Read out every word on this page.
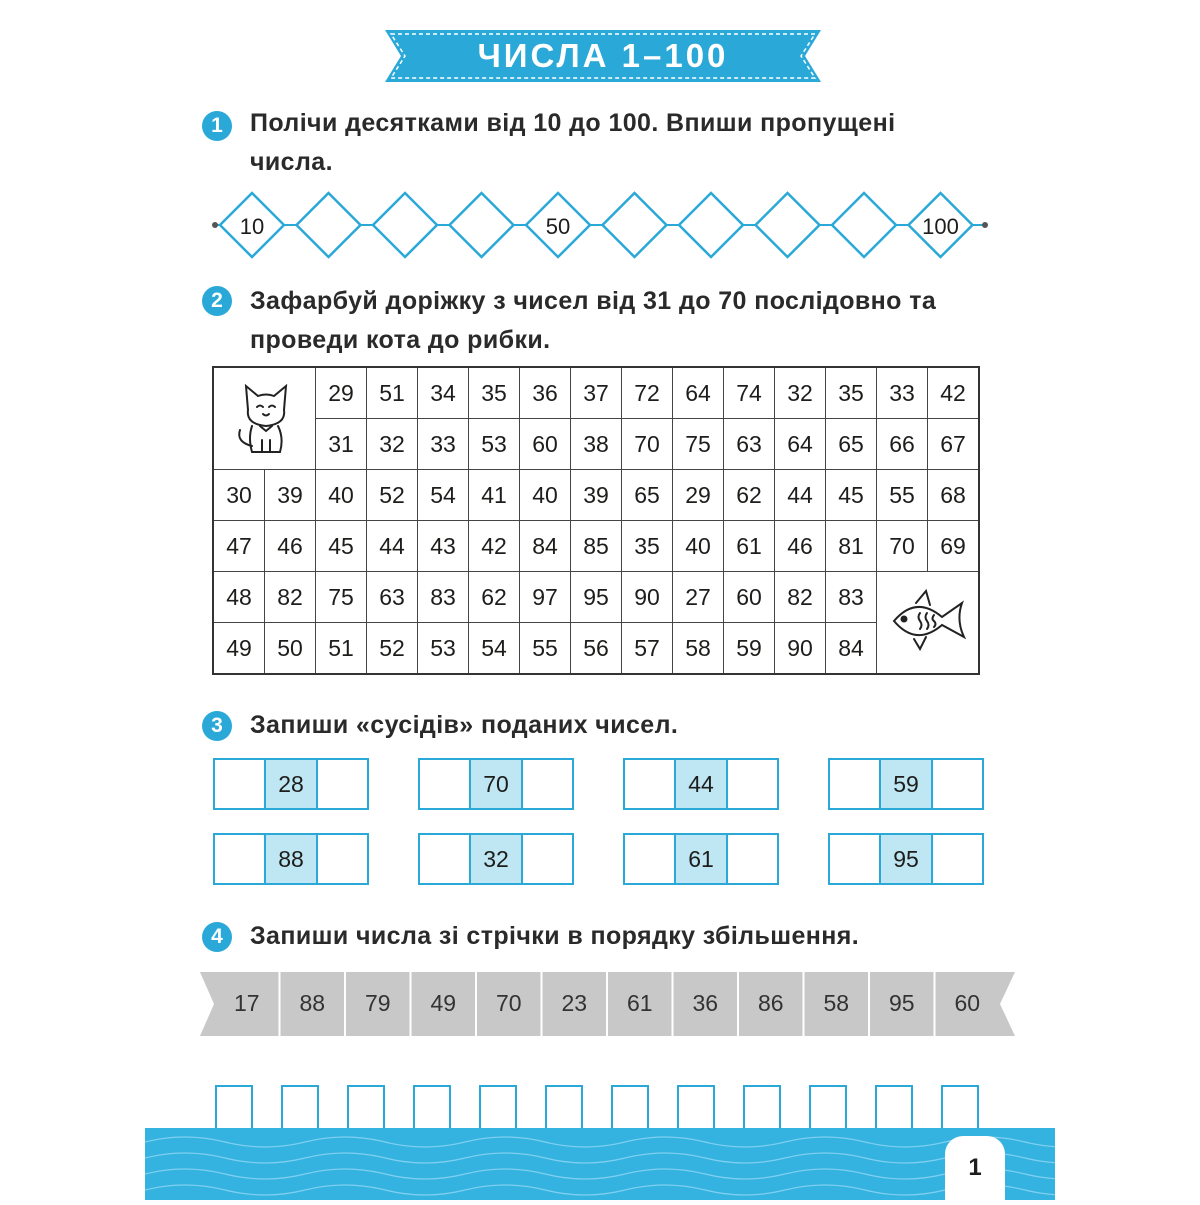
ЧИСЛА 1–100
1	Полічи десятками від 10 до 100. Впиши пропущені числа.
10	50	100
2	Зафарбуй доріжку з чисел від 31 до 70 послідовно та проведи кота до рибки.
	29	51	34	35	36	37	72	64	74	32	35	33	42
		31	32	33	53	60	38	70	75	63	64	65	66	67
30	39	40	52	54	41	40	39	65	29	62	44	45	55	68
47	46	45	44	43	42	84	85	35	40	61	46	81	70	69
48	82	75	63	83	62	97	95	90	27	60	82	83	
49	50	51	52	53	54	55	56	57	58	59	90	84		
3	Запиши «сусідів» поданих чисел.
28	70	44	59
88	32	61	95
4	Запиши числа зі стрічки в порядку збільшення.
17	88	79	49	70	23	61	36	86	58	95	60
1
